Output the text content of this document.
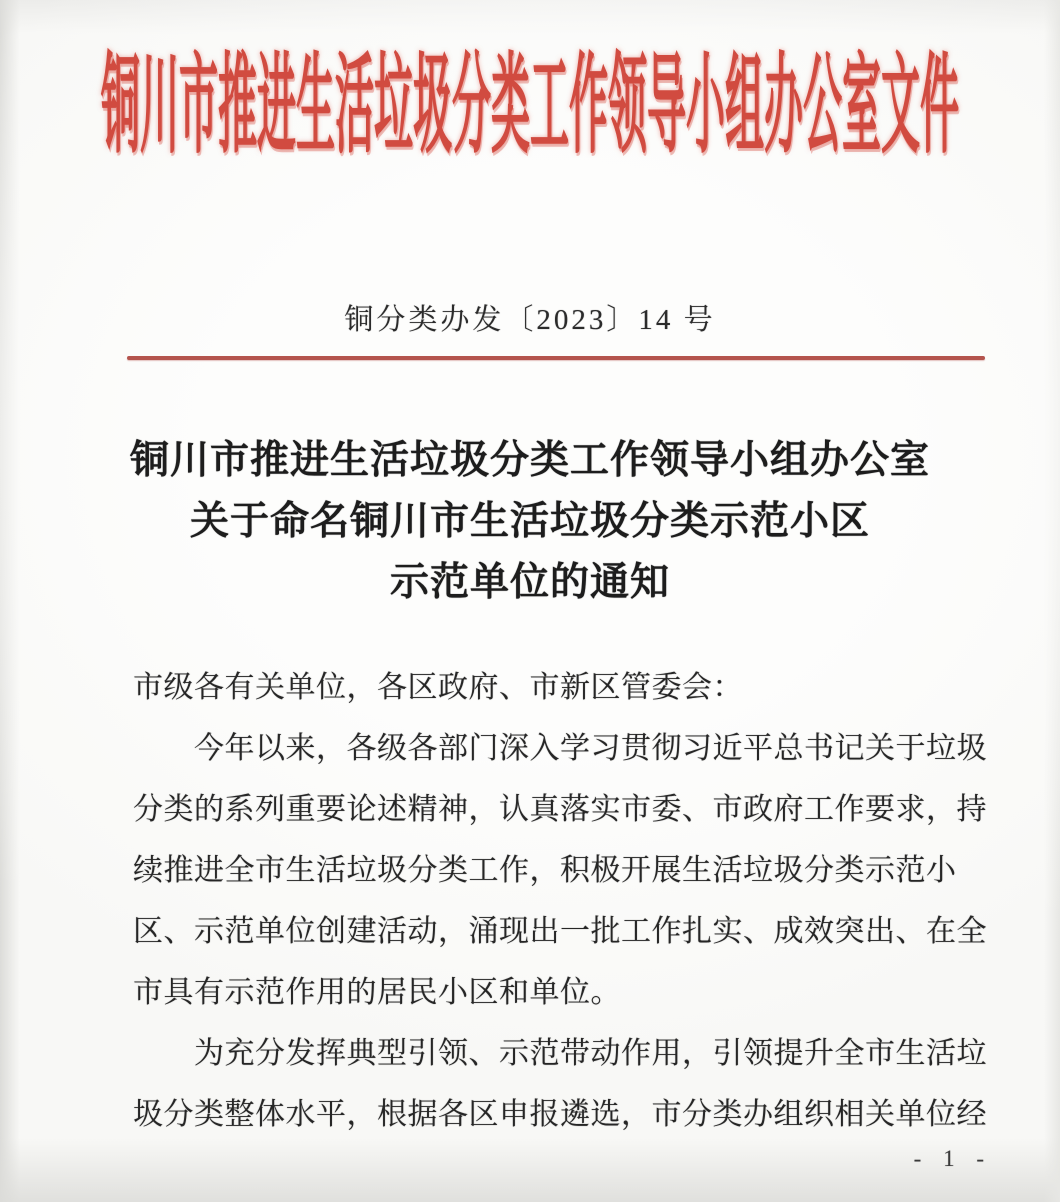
铜川市推进生活垃圾分类工作领导小组办公室文件
铜分类办发〔2023〕14 号
铜川市推进生活垃圾分类工作领导小组办公室
关于命名铜川市生活垃圾分类示范小区
示范单位的通知
市级各有关单位，各区政府、市新区管委会：
今年以来，各级各部门深入学习贯彻习近平总书记关于垃圾
分类的系列重要论述精神，认真落实市委、市政府工作要求，持
续推进全市生活垃圾分类工作，积极开展生活垃圾分类示范小
区、示范单位创建活动，涌现出一批工作扎实、成效突出、在全
市具有示范作用的居民小区和单位。
为充分发挥典型引领、示范带动作用，引领提升全市生活垃
圾分类整体水平，根据各区申报遴选，市分类办组织相关单位经
- 1 -
